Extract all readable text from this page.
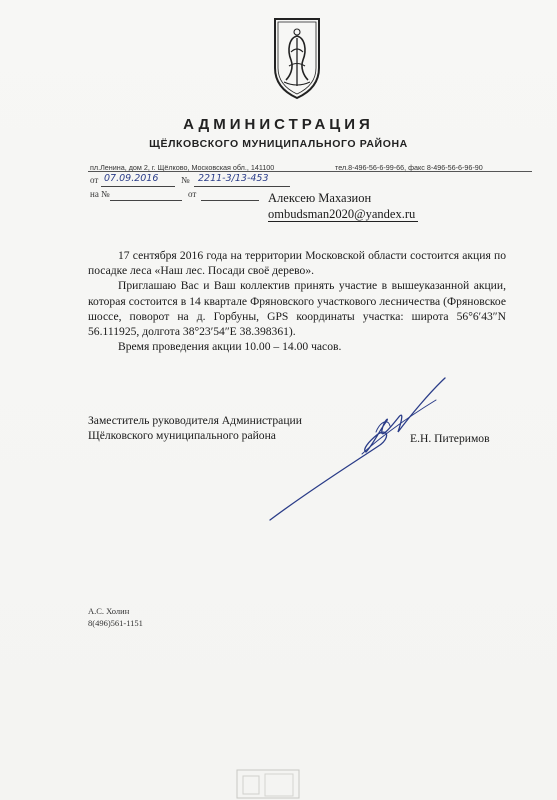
АДМИНИСТРАЦИЯ
ЩЁЛКОВСКОГО МУНИЦИПАЛЬНОГО РАЙОНА
пл.Ленина, дом 2, г. Щёлково, Московская обл., 141100	тел.8-496-56-6-99-66, факс 8-496-56-6-96-90
от 07.09.2016	№ 2211-3/13-453
на №	от	Алексею Махазион
ombudsman2020@yandex.ru

17 сентября 2016 года на территории Московской области состоится акция по посадке леса «Наш лес. Посади своё дерево».

Приглашаю Вас и Ваш коллектив принять участие в вышеуказанной акции, которая состоится в 14 квартале Фряновского участкового лесничества (Фряновское шоссе, поворот на д. Горбуны, GPS координаты участка: широта 56°6′43″N 56.111925, долгота 38°23′54″E 38.398361).

Время проведения акции 10.00 – 14.00 часов.

Заместитель руководителя Администрации
Щёлковского муниципального района	Е.Н. Питеримов
А.С. Холин
8(496)561-1151
